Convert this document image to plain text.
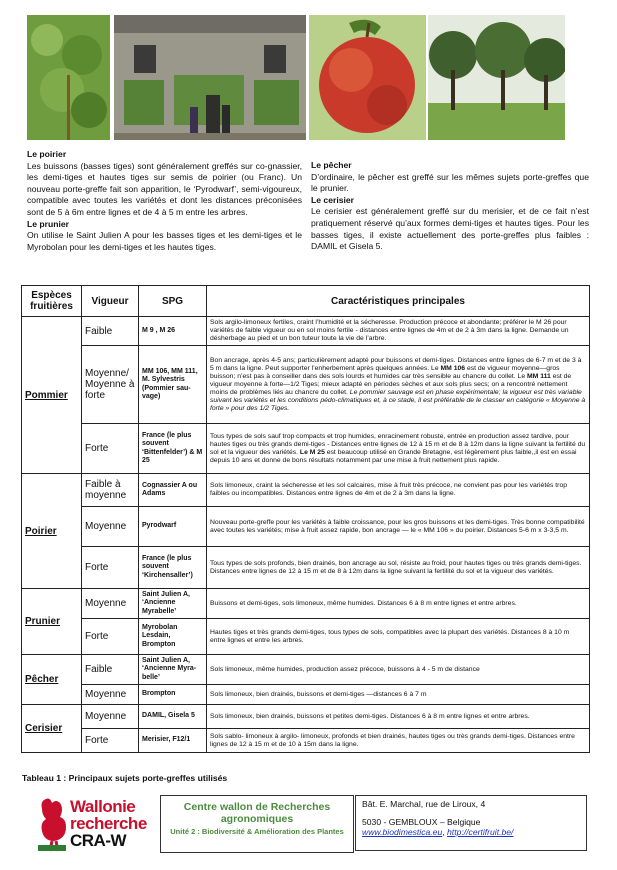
Le poirier
Les buissons (basses tiges) sont généralement greffés sur co-gnassier, les demi-tiges et hautes tiges sur semis de poirier (ou Franc). Un nouveau porte-greffe fait son apparition, le ‘Pyrodwarf’, semi-vigoureux, compatible avec toutes les variétés et dont les distances préconisées sont de 5 à 6m entre lignes et de 4 à 5 m entre les arbres.
Le prunier
On utilise le Saint Julien A pour les basses tiges et les demi-tiges et le Myrobolan pour les demi-tiges et les hautes tiges.
Le pêcher
D’ordinaire, le pêcher est greffé sur les mêmes sujets porte-greffes que le prunier.
Le cerisier
Le cerisier est généralement greffé sur du merisier, et de ce fait n’est pratiquement réservé qu’aux formes demi-tiges et hautes tiges. Pour les basses tiges, il existe actuellement des porte-greffes plus faibles : DAMIL et Gisela 5.
Espèces fruitières	Vigueur	SPG	Caractéristiques principales
Pommier	Faible	M 9 , M 26	Sols argilo-limoneux fertiles, craint l’humidité et la sécheresse. Production précoce et abondante; préférer le M 26 pour variétés de faible vigueur ou en sol moins fertile - distances entre lignes de 4m et de 2 à 3m dans la ligne. Demande un désherbage au pied et un bon tuteur toute la vie de l’arbre.
	Moyenne/ Moyenne à forte	MM 106, MM 111, M. Sylvestris (Pommier sau-vage)	Bon ancrage, après 4-5 ans; particulièrement adapté pour buissons et demi-tiges. Distances entre lignes de 6-7 m et de 3 à 5 m dans la ligne. Peut supporter l’enherbement après quelques années. Le MM 106 est de vigueur moyenne—gros buisson; n’est pas à conseiller dans des sols lourds et humides car très sensible au chancre du collet. Le MM 111 est de vigueur moyenne à forte—1/2 Tiges; mieux adapté en périodes sèches et aux sols plus secs; on a rencontré nettement moins de problèmes liés au chancre du collet. Le pommier sauvage est en phase expérimentale; la vigueur est très variable suivant les variétés et les conditions pédo-climatiques et, à ce stade, il est préférable de le classer en catégorie « Moyenne à forte » pour des 1/2 Tiges.
	Forte	France (le plus souvent ‘Bittenfelder’) & M 25	Tous types de sols sauf trop compacts et trop humides, enracinement robuste, entrée en production assez tardive, pour hautes tiges ou très grands demi-tiges - Distances entre lignes de 12 à 15 m et de 8 à 12m dans la ligne suivant la fertilité du sol et la vigueur des variétés. Le M 25 est beaucoup utilisé en Grande Bretagne, est légèrement plus faible,,il est en essai depuis 10 ans et donne de bons résultats notamment par une mise à fruit nettement plus rapide.
Poirier	Faible à moyenne	Cognassier A ou Adams	Sols limoneux, craint la sécheresse et les sol calcaires, mise à fruit très précoce, ne convient pas pour les variétés trop faibles ou incompatibles. Distances entre lignes de 4m et de 2 à 3m dans la ligne.
	Moyenne	Pyrodwarf	Nouveau porte-greffe pour les variétés à faible croissance, pour les gros buissons et les demi-tiges. Très bonne compatibilité avec toutes les variétés; mise à fruit assez rapide, bon ancrage — le « MM 106 » du poirier. Distances 5-6 m x 3-3,5 m.
	Forte	France (le plus souvent ‘Kirchensaller’)	Tous types de sols profonds, bien drainés, bon ancrage au sol, résiste au froid, pour hautes tiges ou très grands demi-tiges. Distances entre lignes de 12 à 15 m et de 8 à 12m dans la ligne suivant la fertilité du sol et la vigueur des variétés.
Prunier	Moyenne	Saint Julien A, ‘Ancienne Myrabelle’	Buissons et demi-tiges, sols limoneux, même humides. Distances 6 à 8 m entre lignes et entre arbres.
	Forte	Myrobolan Lesdain, Brompton	Hautes tiges et très grands demi-tiges, tous types de sols, compatibles avec la plupart des variétés. Distances 8 à 10 m entre lignes et entre les arbres.
Pêcher	Faible	Saint Julien A, ‘Ancienne Myra-belle’	Sols limoneux, même humides, production assez précoce, buissons à 4 - 5 m de distance
	Moyenne	Brompton	Sols limoneux, bien drainés, buissons et demi-tiges —distances 6 à 7 m
Cerisier	Moyenne	DAMIL, Gisela 5	Sols limoneux, bien drainés, buissons et petites demi-tiges. Distances 6 à 8 m entre lignes et entre arbres.
	Forte	Merisier, F12/1	Sols sablo- limoneux à argilo- limoneux, profonds et bien drainés, hautes tiges ou très grands demi-tiges. Distances entre lignes de 12 à 15 m et de 10 à 15m dans la ligne.
Tableau 1 : Principaux sujets porte-greffes utilisés
Wallonie
recherche
CRA-W
Centre wallon de Recherches agronomiques
Unité 2 : Biodiversité & Amélioration des Plantes
Bât. E. Marchal, rue de Liroux, 4
5030 - GEMBLOUX – Belgique
www.biodimestica.eu, http://certifruit.be/
